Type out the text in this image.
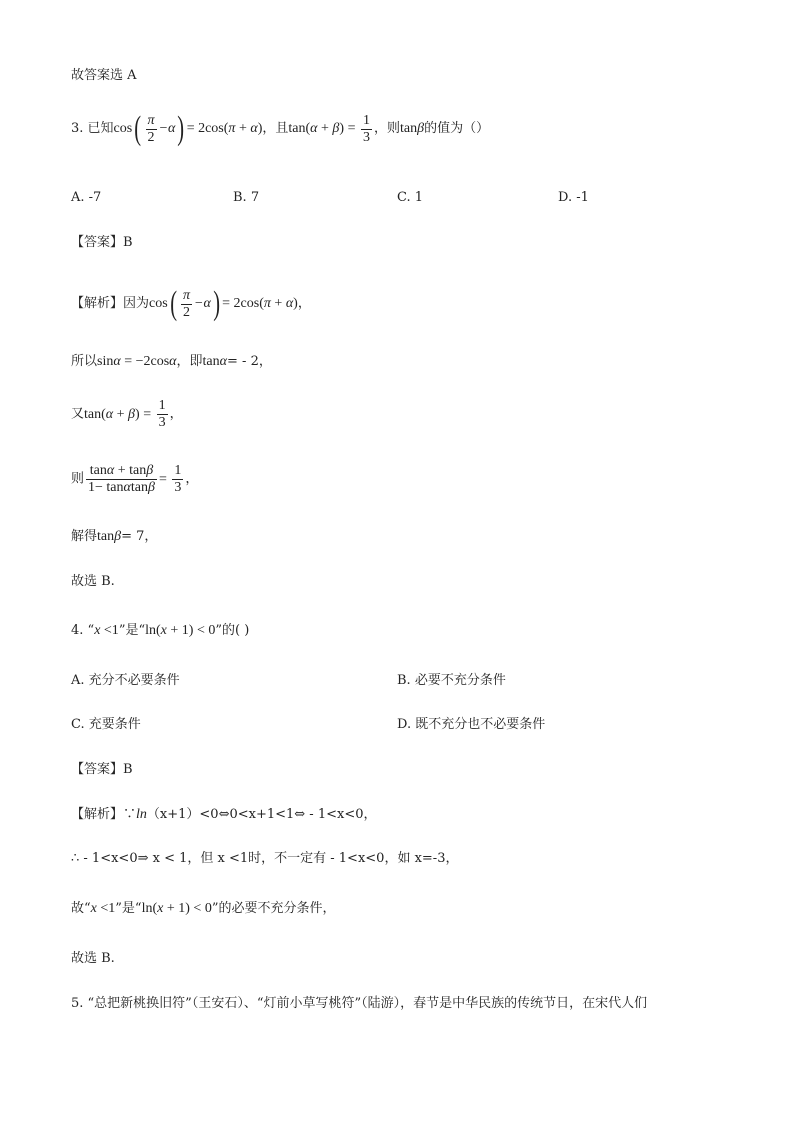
故答案选 A
3. 已知$\cos( \frac{\pi}{2} -\alpha) = 2\cos(\pi + \alpha)$，且$\tan(\alpha + \beta) = \frac{1}{3}$ ，则tanβ的值为（）
A. -7	B. 7	C. 1	D. -1
【答案】B
【解析】因为$\cos( \frac{\pi}{2} -\alpha) = 2\cos(\pi + \alpha)$，
所以sinα = −2cosα，即tanα= - 2，
又$\tan(\alpha + \beta) = \frac{1}{3}$ ，
则 $\frac{\tan\alpha + \tan\beta}{1- \tan\alpha\tan\beta} = \frac{1}{3}$ ，
解得tanβ= 7，
故选 B.
4. “x <1”是“ln(x + 1) < 0”的( )
A. 充分不必要条件	B. 必要不充分条件
C. 充要条件	D. 既不充分也不必要条件
【答案】B
【解析】∵ln（x+1）<0⇔0<x+1<1⇔ - 1<x<0，
∴ - 1<x<0⇒ x < 1，但 x <1时，不一定有 - 1<x<0，如 x=-3，
故“x <1”是“ln(x + 1) < 0”的必要不充分条件，
故选 B.
5. “总把新桃换旧符”（王安石）、“灯前小草写桃符”（陆游），春节是中华民族的传统节日，在宋代人们
